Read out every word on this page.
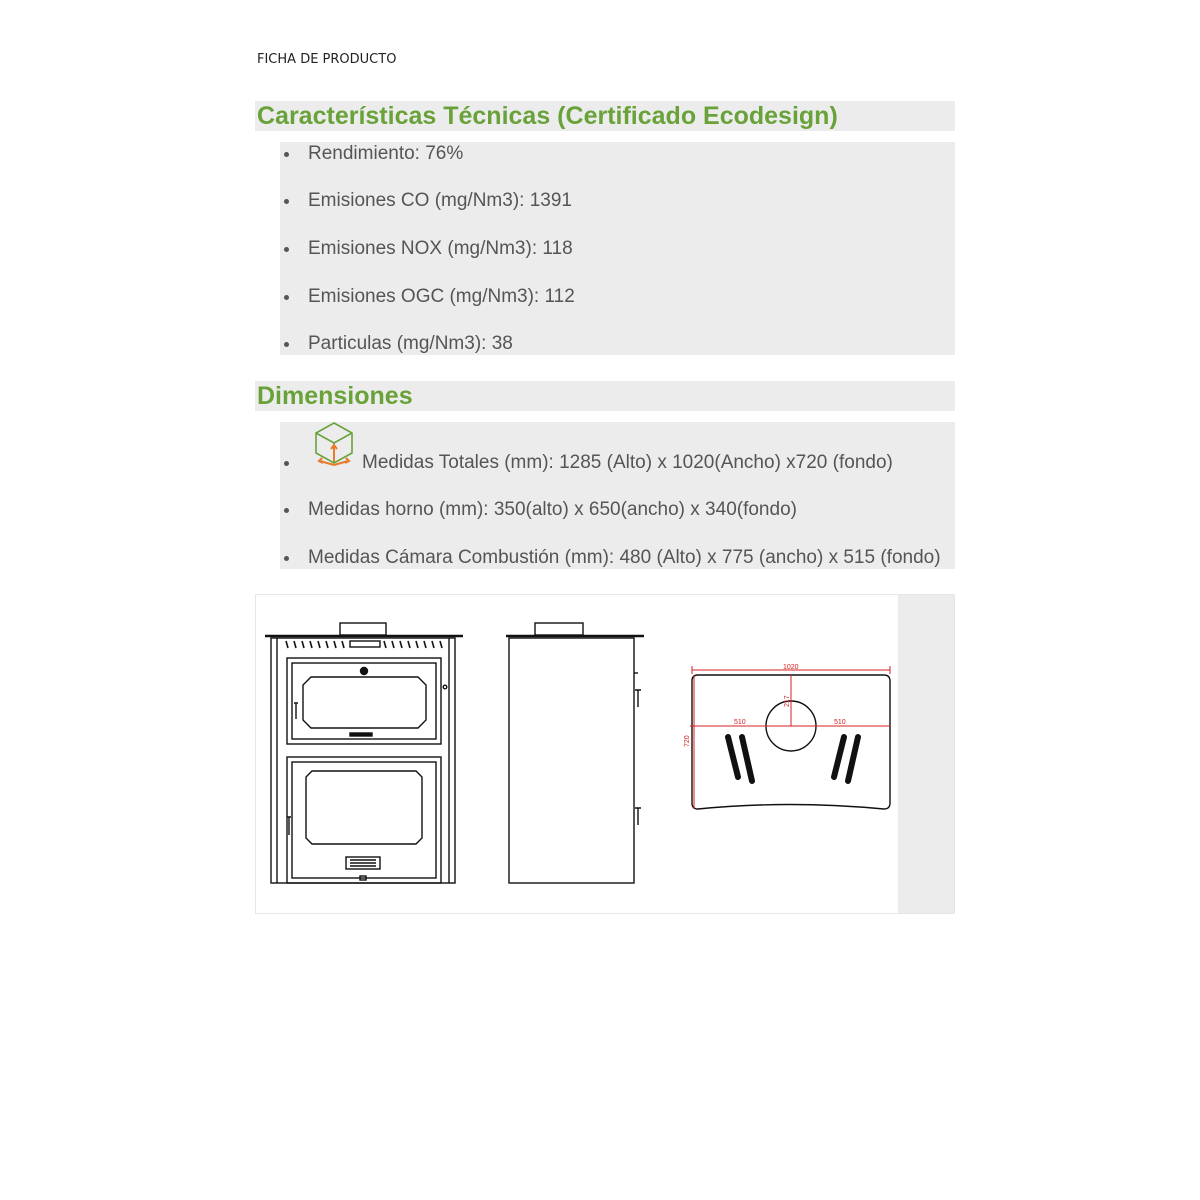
FICHA DE PRODUCTO
Características Técnicas (Certificado Ecodesign)
Rendimiento: 76%
Emisiones CO (mg/Nm3): 1391
Emisiones NOX (mg/Nm3): 118
Emisiones OGC (mg/Nm3): 112
Particulas (mg/Nm3): 38
Dimensiones
Medidas Totales (mm): 1285 (Alto) x 1020(Ancho) x720 (fondo)
Medidas horno (mm): 350(alto) x 650(ancho) x 340(fondo)
Medidas Cámara Combustión (mm): 480 (Alto) x 775 (ancho) x 515 (fondo)
1020
510	510
217
720
